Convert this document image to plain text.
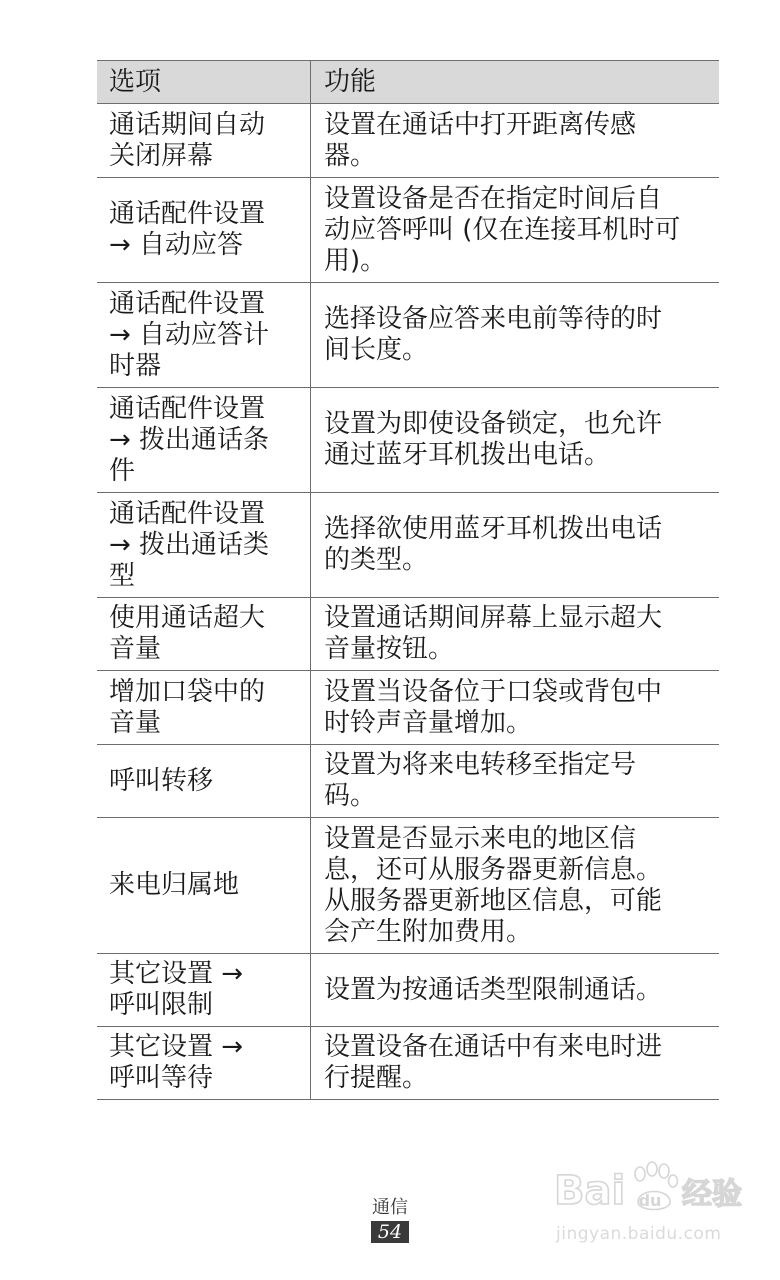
选项	功能
通话期间自动
关闭屏幕
设置在通话中打开距离传感
器。
通话配件设置
→ 自动应答
设置设备是否在指定时间后自
动应答呼叫 (仅在连接耳机时可
用)。
通话配件设置
→ 自动应答计
时器
选择设备应答来电前等待的时
间长度。
通话配件设置
→ 拨出通话条
件
设置为即使设备锁定，也允许
通过蓝牙耳机拨出电话。
通话配件设置
→ 拨出通话类
型
选择欲使用蓝牙耳机拨出电话
的类型。
使用通话超大
音量
设置通话期间屏幕上显示超大
音量按钮。
增加口袋中的
音量
设置当设备位于口袋或背包中
时铃声音量增加。
呼叫转移
设置为将来电转移至指定号
码。
来电归属地
设置是否显示来电的地区信
息，还可从服务器更新信息。
从服务器更新地区信息，可能
会产生附加费用。
其它设置 →
呼叫限制
设置为按通话类型限制通话。
其它设置 →
呼叫等待
设置设备在通话中有来电时进
行提醒。
通信
54
Bai du 经验
jingyan.baidu.com
